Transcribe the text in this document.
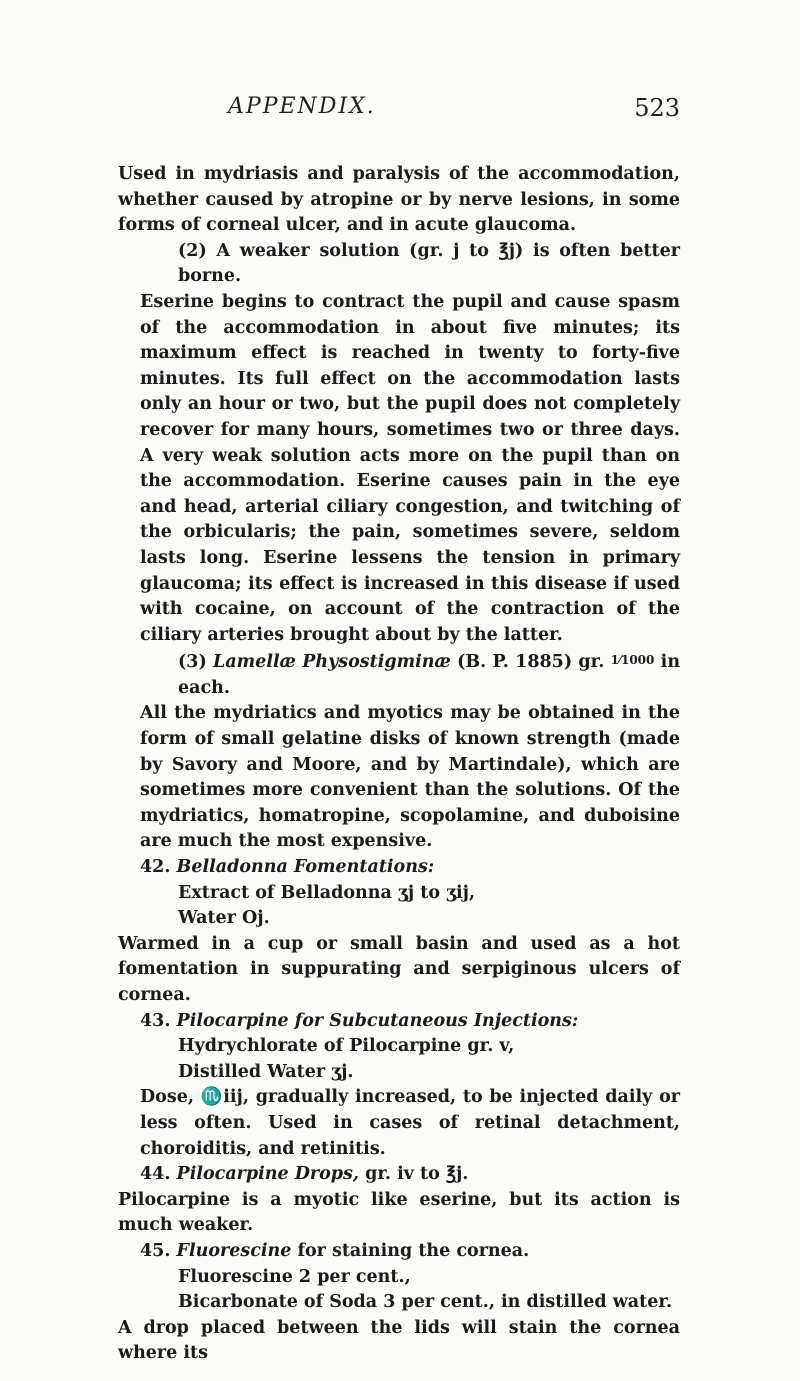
APPENDIX.	523

Used in mydriasis and paralysis of the accommodation, whether caused by atropine or by nerve lesions, in some forms of corneal ulcer, and in acute glaucoma.

(2) A weaker solution (gr. j to ℥j) is often better borne.

Eserine begins to contract the pupil and cause spasm of the accommodation in about five minutes; its maximum effect is reached in twenty to forty-five minutes. Its full effect on the accommodation lasts only an hour or two, but the pupil does not completely recover for many hours, sometimes two or three days. A very weak solution acts more on the pupil than on the accommodation. Eserine causes pain in the eye and head, arterial ciliary congestion, and twitching of the orbicularis; the pain, sometimes severe, seldom lasts long. Eserine lessens the tension in primary glaucoma; its effect is increased in this disease if used with cocaine, on account of the contraction of the ciliary arteries brought about by the latter.

(3) Lamellæ Physostigminæ (B. P. 1885) gr. 1⁄1000 in each.

All the mydriatics and myotics may be obtained in the form of small gelatine disks of known strength (made by Savory and Moore, and by Martindale), which are sometimes more convenient than the solutions. Of the mydriatics, homatropine, scopolamine, and duboisine are much the most expensive.

42. Belladonna Fomentations:

Extract of Belladonna ʒj to ʒij,

Water Oj.

Warmed in a cup or small basin and used as a hot fomentation in suppurating and serpiginous ulcers of cornea.

43. Pilocarpine for Subcutaneous Injections:

Hydrychlorate of Pilocarpine gr. v,

Distilled Water ʒj.

Dose, ♏iij, gradually increased, to be injected daily or less often. Used in cases of retinal detachment, choroiditis, and retinitis.

44. Pilocarpine Drops, gr. iv to ℥j.

Pilocarpine is a myotic like eserine, but its action is much weaker.

45. Fluorescine for staining the cornea.

Fluorescine 2 per cent.,

Bicarbonate of Soda 3 per cent., in distilled water.

A drop placed between the lids will stain the cornea where its
